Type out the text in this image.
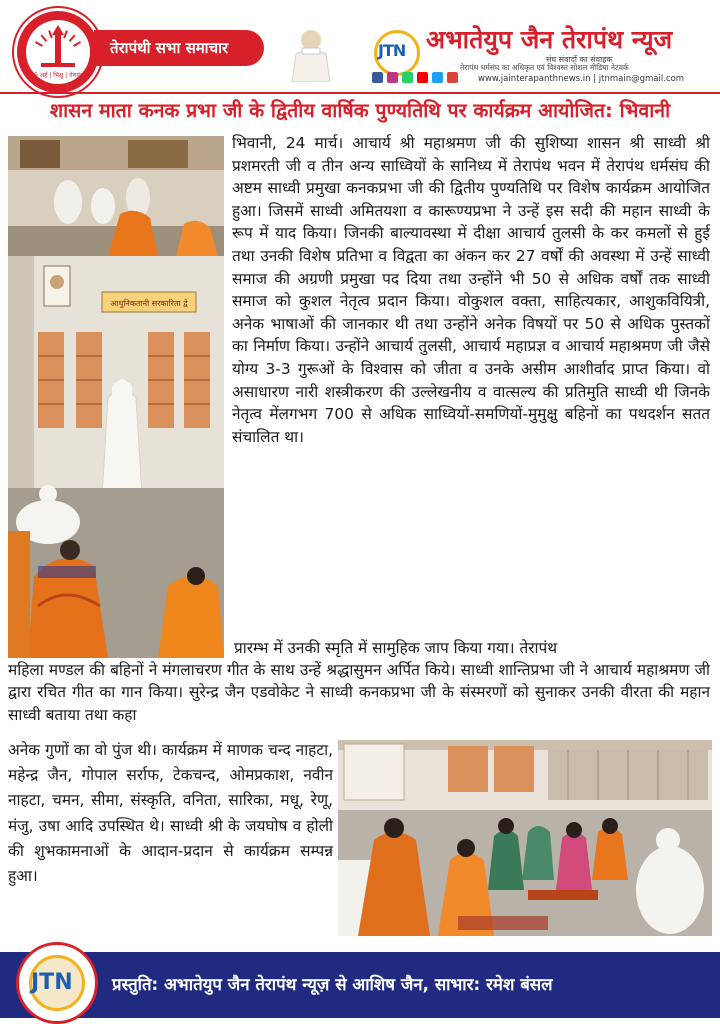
ॐ अर्हं | भिक्षु | तेरापंथ
तेरापंथी सभा समाचार	JTN अभातेयुप जैन तेरापंथ न्यूज
संघ संवादों का संवाहक
तेरापंथ धर्मसंघ का अधिकृत एवं विश्वस्त सोशल मीडिया नेटवर्क
www.jainterapanthnews.in | jtnmain@gmail.com
शासन माता कनक प्रभा जी के द्वितीय वार्षिक पुण्यतिथि पर कार्यक्रम आयोजित: भिवानी
आधुनिकतानी सरकारिता द्वे

भिवानी, 24 मार्च। आचार्य श्री महाश्रमण जी की सुशिष्या शासन श्री साध्वी श्री प्रशमरती जी व तीन अन्य साध्वियों के सानिध्य में तेरापंथ भवन में तेरापंथ धर्मसंघ की अष्टम साध्वी प्रमुखा कनकप्रभा जी की द्वितीय पुण्यतिथि पर विशेष कार्यक्रम आयोजित हुआ। जिसमें साध्वी अमितयशा व कारूण्यप्रभा ने उन्हें इस सदी की महान साध्वी के रूप में याद किया। जिनकी बाल्यावस्था में दीक्षा आचार्य तुलसी के कर कमलों से हुई तथा उनकी विशेष प्रतिभा व विद्वता का अंकन कर 27 वर्षों की अवस्था में उन्हें साध्वी समाज की अग्रणी प्रमुखा पद दिया तथा उन्होंने भी 50 से अधिक वर्षों तक साध्वी समाज को कुशल नेतृत्व प्रदान किया। वोकुशल वक्ता, साहित्यकार, आशुकवियित्री, अनेक भाषाओं की जानकार थी तथा उन्होंने अनेक विषयों पर 50 से अधिक पुस्तकों का निर्माण किया। उन्होंने आचार्य तुलसी, आचार्य महाप्रज्ञ व आचार्य महाश्रमण जी जैसे योग्य 3-3 गुरूओं के विश्वास को जीता व उनके असीम आशीर्वाद प्राप्त किया। वो असाधारण नारी शस्त्रीकरण की उल्लेखनीय व वात्सल्य की प्रतिमुति साध्वी थी जिनके नेतृत्व मेंलगभग 700 से अधिक साध्वियों-समणियों-मुमुक्षु बहिनों का पथदर्शन सतत संचालित था।

प्रारम्भ में उनकी स्मृति में सामुहिक जाप किया गया। तेरापंथ
महिला मण्डल की बहिनों ने मंगलाचरण गीत के साथ उन्हें श्रद्धासुमन अर्पित किये। साध्वी शान्तिप्रभा जी ने आचार्य महाश्रमण जी द्वारा रचित गीत का गान किया। सुरेन्द्र जैन एडवोकेट ने साध्वी कनकप्रभा जी के संस्मरणों को सुनाकर उनकी वीरता की महान साध्वी बताया तथा कहा

अनेक गुणों का वो पुंज थी। कार्यक्रम में माणक चन्द नाहटा, महेन्द्र जैन, गोपाल सर्राफ, टेकचन्द, ओमप्रकाश, नवीन नाहटा, चमन, सीमा, संस्कृति, वनिता, सारिका, मधू, रेणू, मंजु, उषा आदि उपस्थित थे। साध्वी श्री के जयघोष व होली की शुभकामनाओं के आदान-प्रदान से कार्यक्रम सम्पन्न हुआ।

JTN प्रस्तुति: अभातेयुप जैन तेरापंथ न्यूज़ से आशिष जैन, साभार: रमेश बंसल
